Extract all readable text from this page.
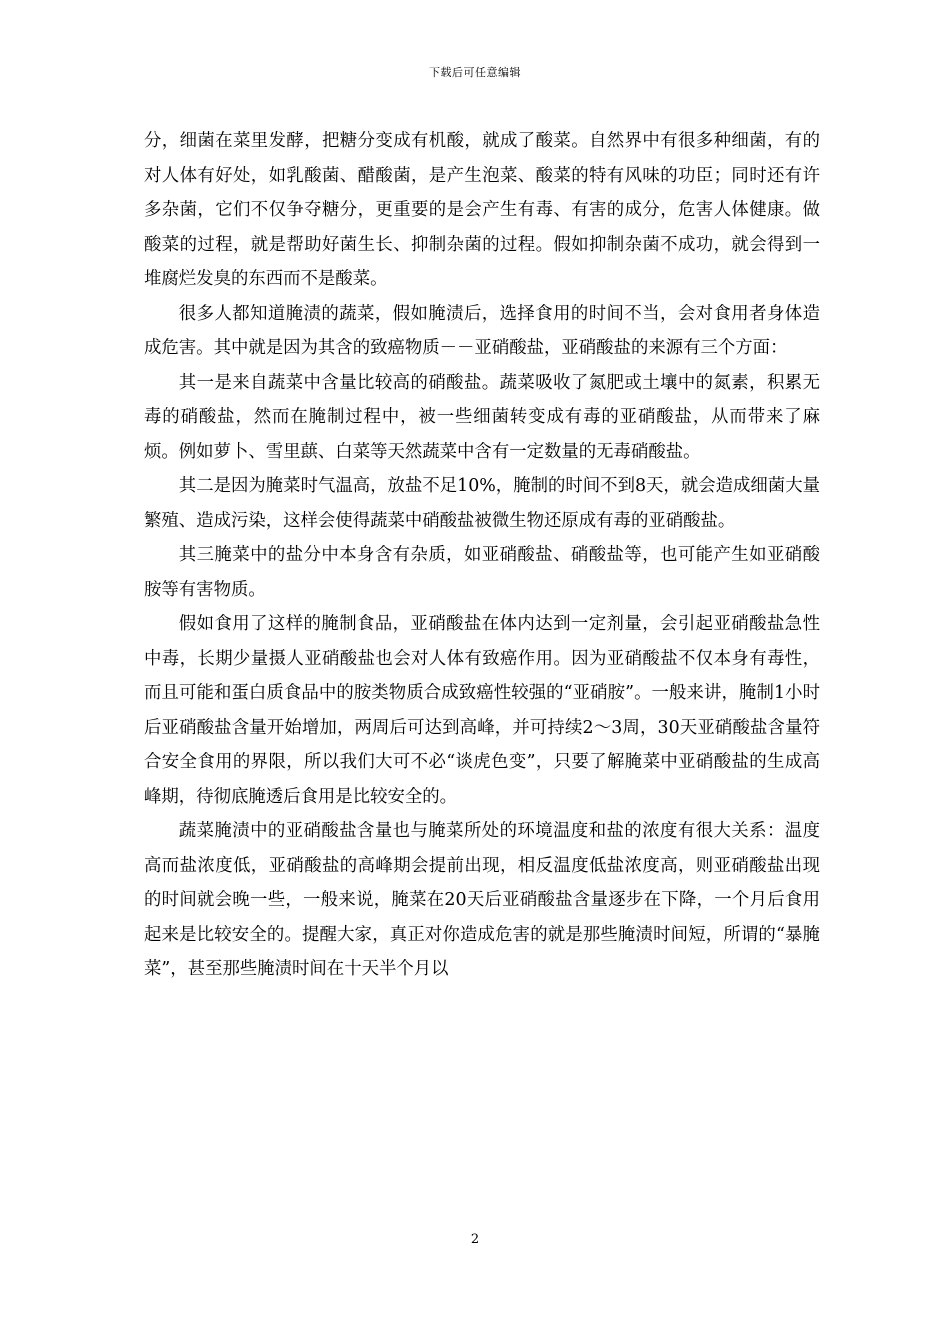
下载后可任意编辑

分，细菌在菜里发酵，把糖分变成有机酸，就成了酸菜。自然界中有很多种细菌，有的对人体有好处，如乳酸菌、醋酸菌，是产生泡菜、酸菜的特有风味的功臣；同时还有许多杂菌，它们不仅争夺糖分，更重要的是会产生有毒、有害的成分，危害人体健康。做酸菜的过程，就是帮助好菌生长、抑制杂菌的过程。假如抑制杂菌不成功，就会得到一堆腐烂发臭的东西而不是酸菜。

很多人都知道腌渍的蔬菜，假如腌渍后，选择食用的时间不当，会对食用者身体造成危害。其中就是因为其含的致癌物质－－亚硝酸盐，亚硝酸盐的来源有三个方面：

其一是来自蔬菜中含量比较高的硝酸盐。蔬菜吸收了氮肥或土壤中的氮素，积累无毒的硝酸盐，然而在腌制过程中，被一些细菌转变成有毒的亚硝酸盐，从而带来了麻烦。例如萝卜、雪里蕻、白菜等天然蔬菜中含有一定数量的无毒硝酸盐。

其二是因为腌菜时气温高，放盐不足10%，腌制的时间不到8天，就会造成细菌大量繁殖、造成污染，这样会使得蔬菜中硝酸盐被微生物还原成有毒的亚硝酸盐。

其三腌菜中的盐分中本身含有杂质，如亚硝酸盐、硝酸盐等，也可能产生如亚硝酸胺等有害物质。

假如食用了这样的腌制食品，亚硝酸盐在体内达到一定剂量，会引起亚硝酸盐急性中毒，长期少量摄人亚硝酸盐也会对人体有致癌作用。因为亚硝酸盐不仅本身有毒性，而且可能和蛋白质食品中的胺类物质合成致癌性较强的“亚硝胺”。一般来讲，腌制1小时后亚硝酸盐含量开始增加，两周后可达到高峰，并可持续2～3周，30天亚硝酸盐含量符合安全食用的界限，所以我们大可不必“谈虎色变”，只要了解腌菜中亚硝酸盐的生成高峰期，待彻底腌透后食用是比较安全的。

蔬菜腌渍中的亚硝酸盐含量也与腌菜所处的环境温度和盐的浓度有很大关系：温度高而盐浓度低，亚硝酸盐的高峰期会提前出现，相反温度低盐浓度高，则亚硝酸盐出现的时间就会晚一些，一般来说，腌菜在20天后亚硝酸盐含量逐步在下降，一个月后食用起来是比较安全的。提醒大家，真正对你造成危害的就是那些腌渍时间短，所谓的“暴腌菜”，甚至那些腌渍时间在十天半个月以

2
